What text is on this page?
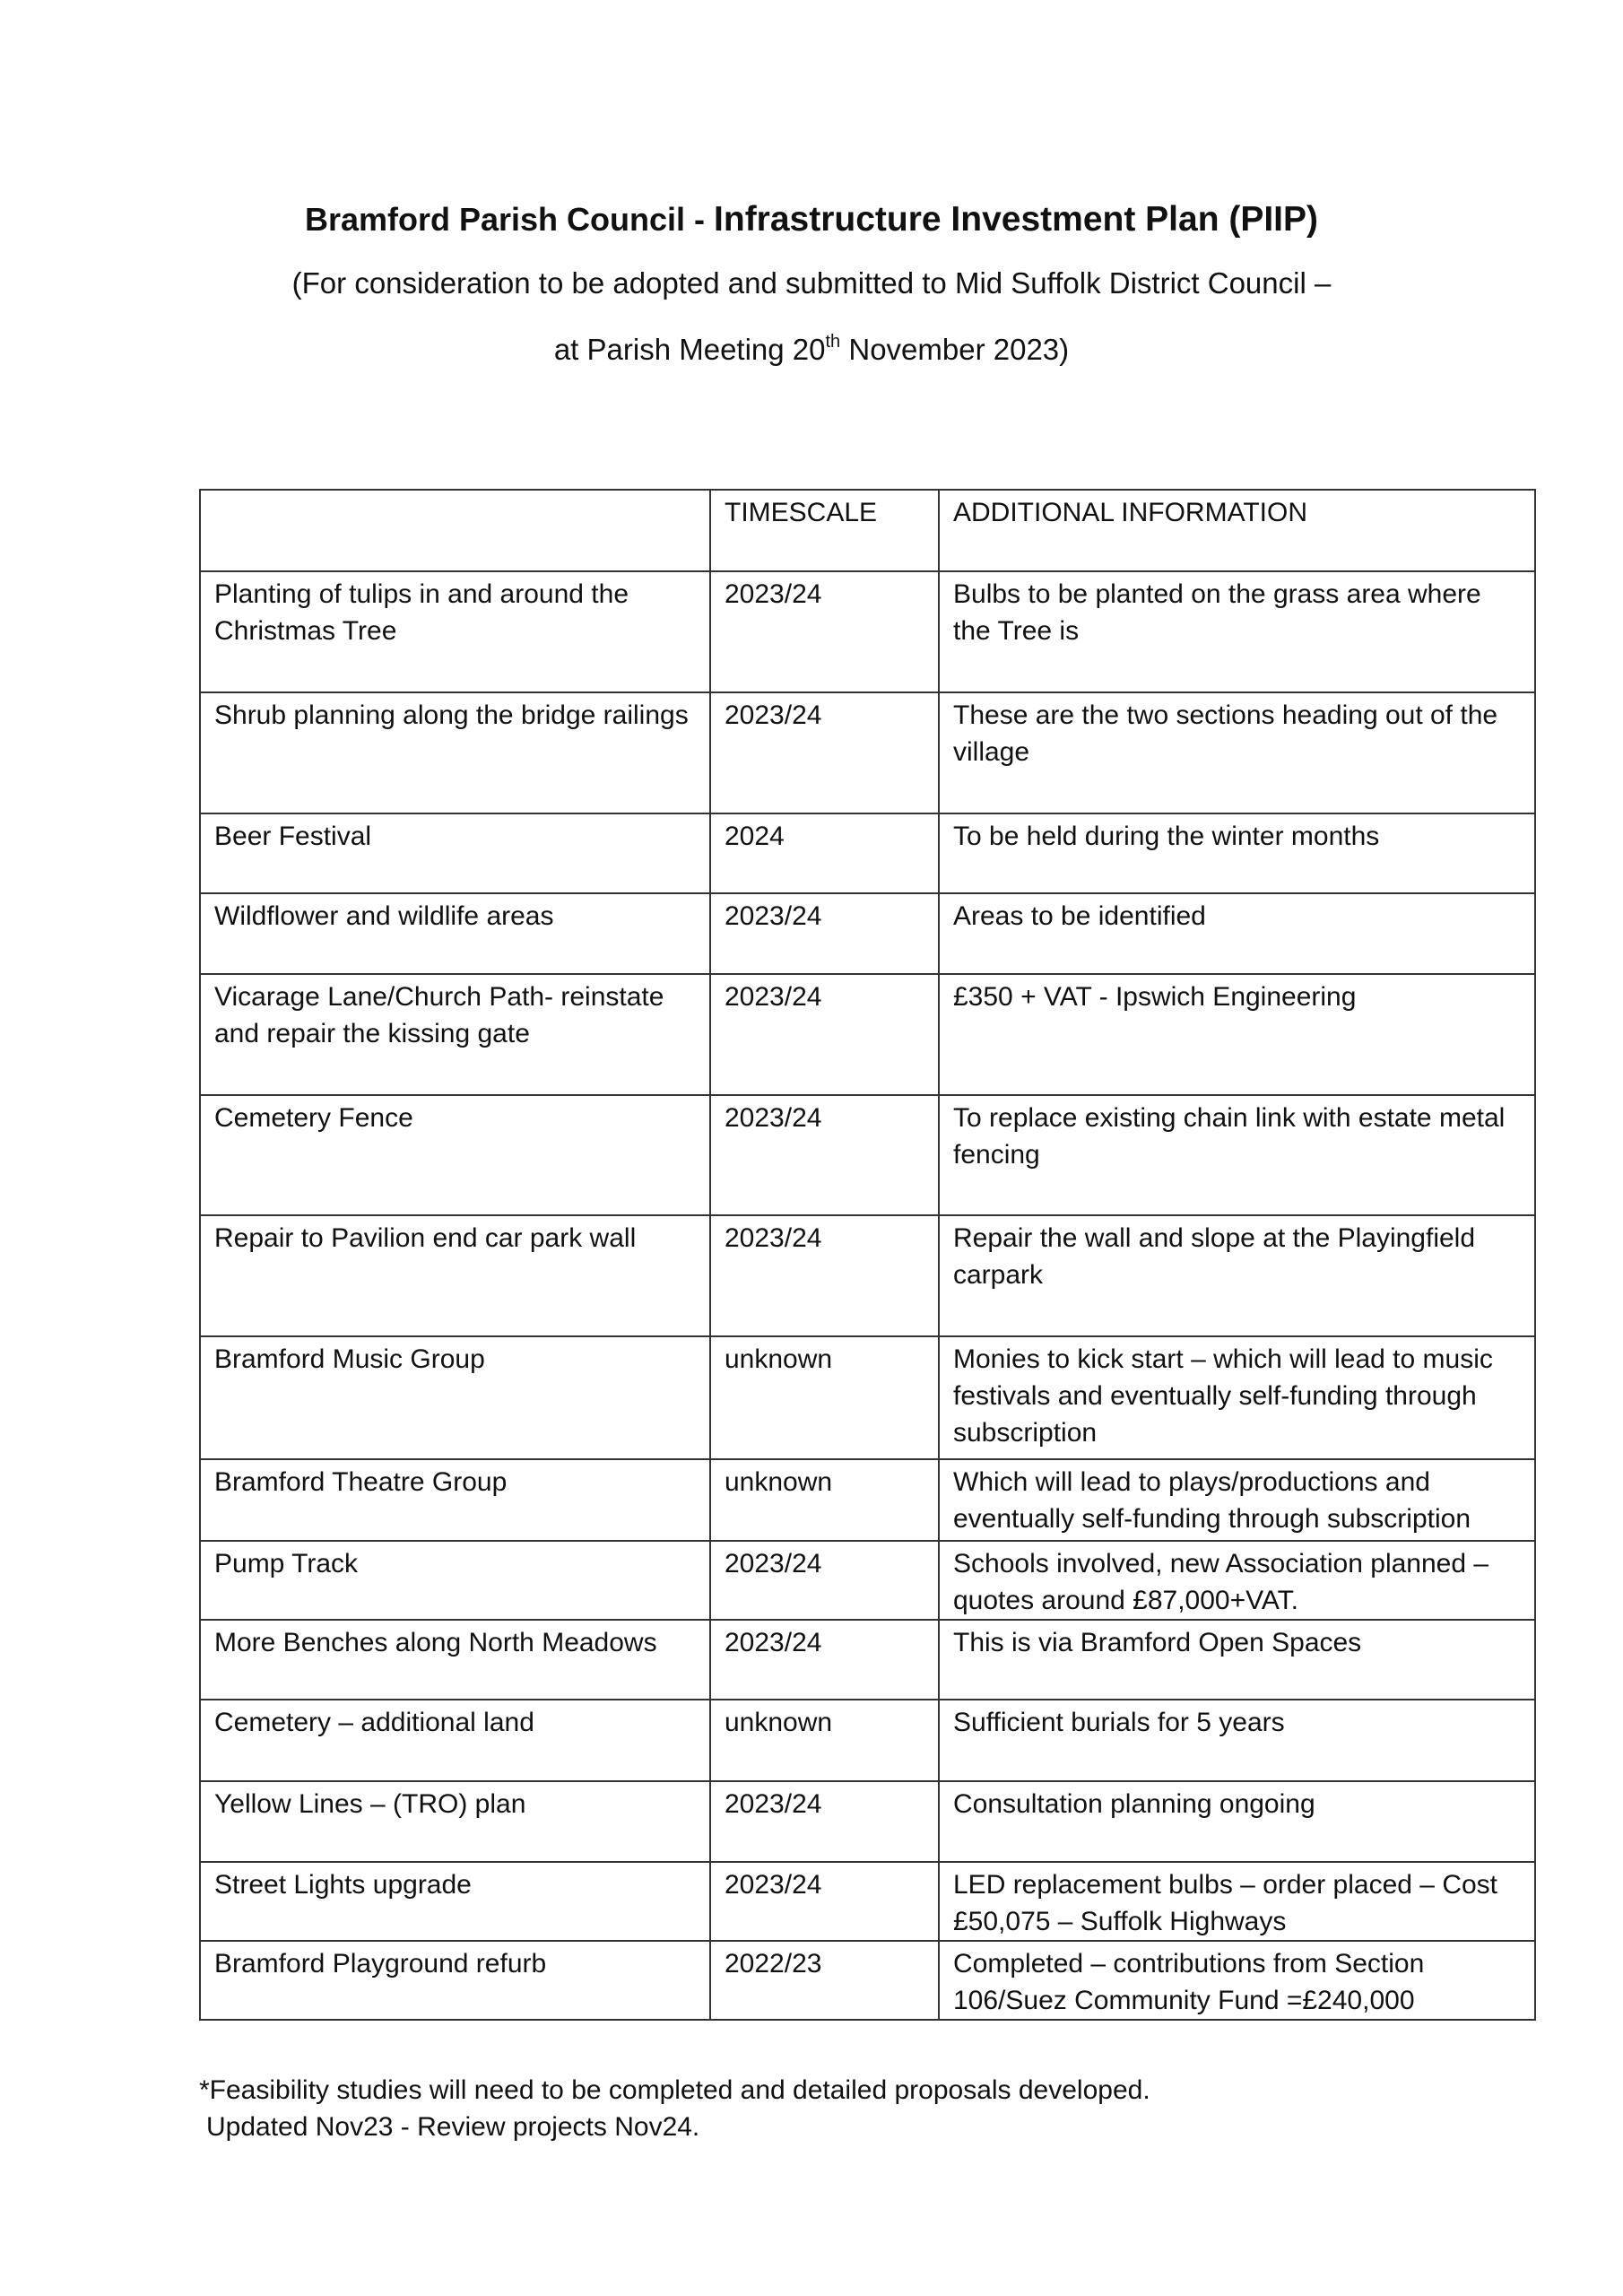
Bramford Parish Council - Infrastructure Investment Plan (PIIP)

(For consideration to be adopted and submitted to Mid Suffolk District Council –

at Parish Meeting 20th November 2023)

	TIMESCALE	ADDITIONAL INFORMATION
Planting of tulips in and around the Christmas Tree	2023/24	Bulbs to be planted on the grass area where the Tree is
Shrub planning along the bridge railings	2023/24	These are the two sections heading out of the village
Beer Festival	2024	To be held during the winter months
Wildflower and wildlife areas	2023/24	Areas to be identified
Vicarage Lane/Church Path- reinstate and repair the kissing gate	2023/24	£350 + VAT - Ipswich Engineering
Cemetery Fence	2023/24	To replace existing chain link with estate metal fencing
Repair to Pavilion end car park wall	2023/24	Repair the wall and slope at the Playingfield carpark
Bramford Music Group	unknown	Monies to kick start – which will lead to music festivals and eventually self-funding through subscription
Bramford Theatre Group	unknown	Which will lead to plays/productions and eventually self-funding through subscription
Pump Track	2023/24	Schools involved, new Association planned – quotes around £87,000+VAT.
More Benches along North Meadows	2023/24	This is via Bramford Open Spaces
Cemetery – additional land	unknown	Sufficient burials for 5 years
Yellow Lines – (TRO) plan	2023/24	Consultation planning ongoing
Street Lights upgrade	2023/24	LED replacement bulbs – order placed – Cost £50,075 – Suffolk Highways
Bramford Playground refurb	2022/23	Completed – contributions from Section 106/Suez Community Fund =£240,000
*Feasibility studies will need to be completed and detailed proposals developed.
Updated Nov23 - Review projects Nov24.
